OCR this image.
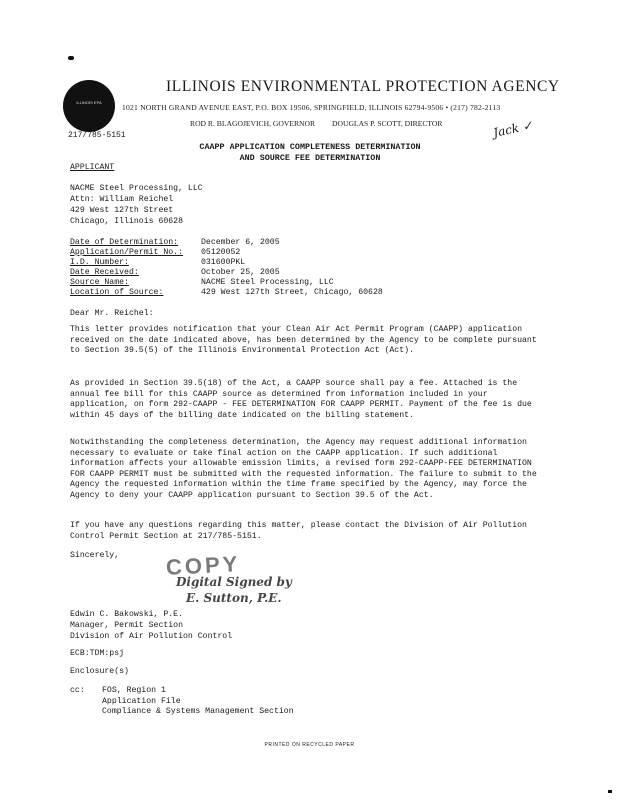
ILLINOIS EPA
ILLINOIS ENVIRONMENTAL PROTECTION AGENCY
1021 NORTH GRAND AVENUE EAST, P.O. BOX 19506, SPRINGFIELD, ILLINOIS 62794-9506 • (217) 782-2113
ROD R. BLAGOJEVICH, GOVERNOR DOUGLAS P. SCOTT, DIRECTOR
217/785-5151	Jack ✓
CAAPP APPLICATION COMPLETENESS DETERMINATION
AND SOURCE FEE DETERMINATION
APPLICANT
NACME Steel Processing, LLC
Attn: William Reichel
429 West 127th Street
Chicago, Illinois 60628
Date of Determination:	December 6, 2005
Application/Permit No.: 05120052
I.D. Number:	031600PKL
Date Received:	October 25, 2005
Source Name:	NACME Steel Processing, LLC
Location of Source:	429 West 127th Street, Chicago, 60628
Dear Mr. Reichel:
This letter provides notification that your Clean Air Act Permit Program (CAAPP) application received on the date indicated above, has been determined by the Agency to be complete pursuant to Section 39.5(5) of the Illinois Environmental Protection Act (Act).
As provided in Section 39.5(18) of the Act, a CAAPP source shall pay a fee. Attached is the annual fee bill for this CAAPP source as determined from information included in your application, on form 292-CAAPP - FEE DETERMINATION FOR CAAPP PERMIT. Payment of the fee is due within 45 days of the billing date indicated on the billing statement.
Notwithstanding the completeness determination, the Agency may request additional information necessary to evaluate or take final action on the CAAPP application. If such additional information affects your allowable emission limits, a revised form 292-CAAPP-FEE DETERMINATION FOR CAAPP PERMIT must be submitted with the requested information. The failure to submit to the Agency the requested information within the time frame specified by the Agency, may force the Agency to deny your CAAPP application pursuant to Section 39.5 of the Act.
If you have any questions regarding this matter, please contact the Division of Air Pollution Control Permit Section at 217/785-5151.
Sincerely, COPY
Digital Signed by
E. Sutton, P.E.
Edwin C. Bakowski, P.E.
Manager, Permit Section
Division of Air Pollution Control
ECB:TDM:psj
Enclosure(s)
cc: FOS, Region 1
Application File
Compliance & Systems Management Section
PRINTED ON RECYCLED PAPER
